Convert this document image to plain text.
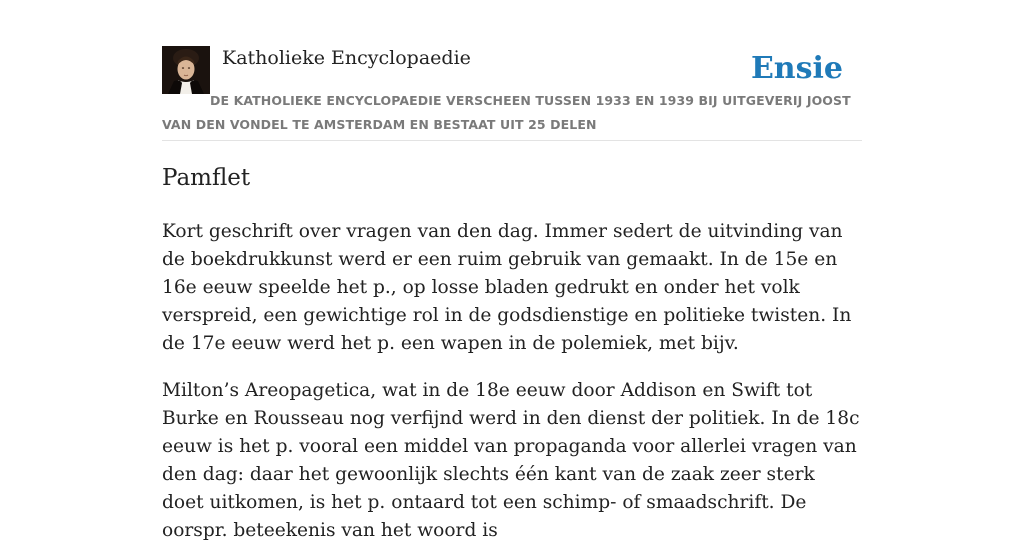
Katholieke Encyclopaedie	Ensie
DE KATHOLIEKE ENCYCLOPAEDIE VERSCHEEN TUSSEN 1933 EN 1939 BIJ UITGEVERIJ JOOST VAN DEN VONDEL TE AMSTERDAM EN BESTAAT UIT 25 DELEN
Pamflet

Kort geschrift over vragen van den dag. Immer sedert de uitvinding van de boekdrukkunst werd er een ruim gebruik van gemaakt. In de 15e en 16e eeuw speelde het p., op losse bladen gedrukt en onder het volk verspreid, een gewichtige rol in de godsdienstige en politieke twisten. In de 17e eeuw werd het p. een wapen in de polemiek, met bijv.

Milton’s Areopagetica, wat in de 18e eeuw door Addison en Swift tot Burke en Rousseau nog verfijnd werd in den dienst der politiek. In de 18c eeuw is het p. vooral een middel van propaganda voor allerlei vragen van den dag: daar het gewoonlijk slechts één kant van de zaak zeer sterk doet uitkomen, is het p. ontaard tot een schimp- of smaadschrift. De oorspr. beteekenis van het woord is
